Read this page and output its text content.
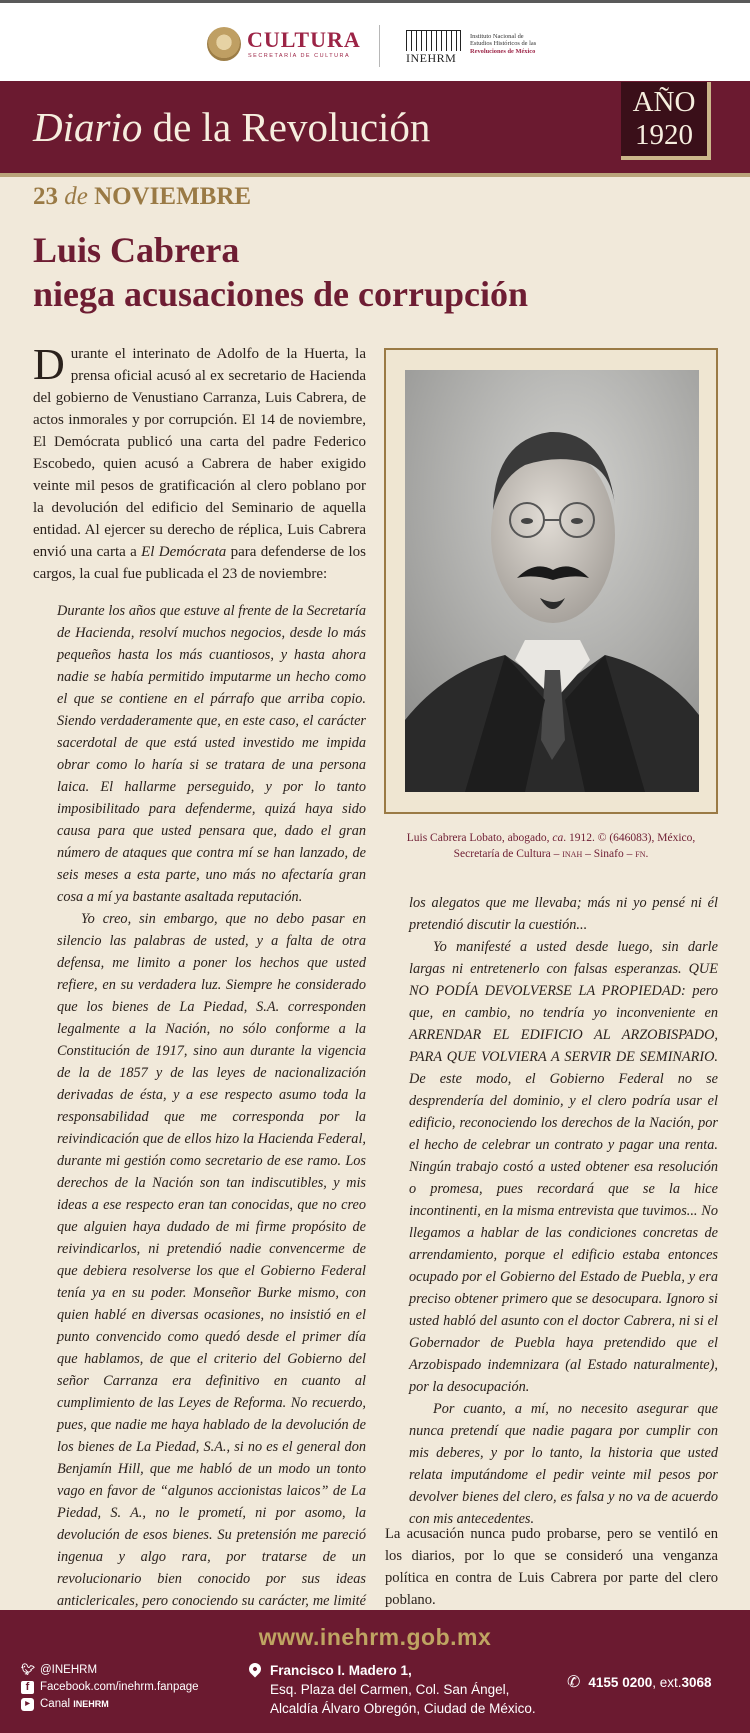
CULTURA
SECRETARÍA DE CULTURA	INEHRM
Instituto Nacional de
Estudios Históricos de las
Revoluciones de México
Diario de la Revolución
AÑO
1920
23 de NOVIEMBRE
Luis Cabrera
niega acusaciones de corrupción

Durante el interinato de Adolfo de la Huerta, la prensa oficial acusó al ex secretario de Hacienda del gobierno de Venustiano Carranza, Luis Cabrera, de actos inmorales y por corrupción. El 14 de noviembre, El Demócrata publicó una carta del padre Federico Escobedo, quien acusó a Cabrera de haber exigido veinte mil pesos de gratificación al clero poblano por la devolución del edificio del Seminario de aquella entidad. Al ejercer su derecho de réplica, Luis Cabrera envió una carta a El Demócrata para defenderse de los cargos, la cual fue publicada el 23 de noviembre:

Durante los años que estuve al frente de la Secretaría de Hacienda, resolví muchos negocios, desde lo más pequeños hasta los más cuantiosos, y hasta ahora nadie se había permitido imputarme un hecho como el que se contiene en el párrafo que arriba copio. Siendo verdaderamente que, en este caso, el carácter sacerdotal de que está usted investido me impida obrar como lo haría si se tratara de una persona laica. El hallarme perseguido, y por lo tanto imposibilitado para defenderme, quizá haya sido causa para que usted pensara que, dado el gran número de ataques que contra mí se han lanzado, de seis meses a esta parte, uno más no afectaría gran cosa a mí ya bastante asaltada reputación.

Yo creo, sin embargo, que no debo pasar en silencio las palabras de usted, y a falta de otra defensa, me limito a poner los hechos que usted refiere, en su verdadera luz. Siempre he considerado que los bienes de La Piedad, S.A. corresponden legalmente a la Nación, no sólo conforme a la Constitución de 1917, sino aun durante la vigencia de la de 1857 y de las leyes de nacionalización derivadas de ésta, y a ese respecto asumo toda la responsabilidad que me corresponda por la reivindicación que de ellos hizo la Hacienda Federal, durante mi gestión como secretario de ese ramo. Los derechos de la Nación son tan indiscutibles, y mis ideas a ese respecto eran tan conocidas, que no creo que alguien haya dudado de mi firme propósito de reivindicarlos, ni pretendió nadie convencerme de que debiera resolverse los que el Gobierno Federal tenía ya en su poder. Monseñor Burke mismo, con quien hablé en diversas ocasiones, no insistió en el punto convencido como quedó desde el primer día que hablamos, de que el criterio del Gobierno del señor Carranza era definitivo en cuanto al cumplimiento de las Leyes de Reforma. No recuerdo, pues, que nadie me haya hablado de la devolución de los bienes de La Piedad, S.A., si no es el general don Benjamín Hill, que me habló de un modo un tonto vago en favor de “algunos accionistas laicos” de La Piedad, S. A., no le prometí, ni por asomo, la devolución de esos bienes. Su pretensión me pareció ingenua y algo rara, por tratarse de un revolucionario bien conocido por sus ideas anticlericales, pero conociendo su carácter, me limité

Luis Cabrera Lobato, abogado, ca. 1912. © (646083), México, Secretaría de Cultura – inah – Sinafo – fn.

los alegatos que me llevaba; más ni yo pensé ni él pretendió discutir la cuestión...

Yo manifesté a usted desde luego, sin darle largas ni entretenerlo con falsas esperanzas. QUE NO PODÍA DEVOLVERSE LA PROPIEDAD: pero que, en cambio, no tendría yo inconveniente en ARRENDAR EL EDIFICIO AL ARZOBISPADO, PARA QUE VOLVIERA A SERVIR DE SEMINARIO. De este modo, el Gobierno Federal no se desprendería del dominio, y el clero podría usar el edificio, reconociendo los derechos de la Nación, por el hecho de celebrar un contrato y pagar una renta. Ningún trabajo costó a usted obtener esa resolución o promesa, pues recordará que se la hice incontinenti, en la misma entrevista que tuvimos... No llegamos a hablar de las condiciones concretas de arrendamiento, porque el edificio estaba entonces ocupado por el Gobierno del Estado de Puebla, y era preciso obtener primero que se desocupara. Ignoro si usted habló del asunto con el doctor Cabrera, ni si el Gobernador de Puebla haya pretendido que el Arzobispado indemnizara (al Estado naturalmente), por la desocupación.

Por cuanto, a mí, no necesito asegurar que nunca pretendí que nadie pagara por cumplir con mis deberes, y por lo tanto, la historia que usted relata imputándome el pedir veinte mil pesos por devolver bienes del clero, es falsa y no va de acuerdo con mis antecedentes.

La acusación nunca pudo probarse, pero se ventiló en los diarios, por lo que se consideró una venganza política en contra de Luis Cabrera por parte del clero poblano.

www.inehrm.gob.mx
🐦︎ @INEHRM
f Facebook.com/inehrm.fanpage
▶ Canal
INEHRM
Francisco I. Madero 1,
Esq. Plaza del Carmen, Col. San Ángel,
Alcaldía Álvaro Obregón, Ciudad de México.
✆ 4155 0200 , ext. 3068
